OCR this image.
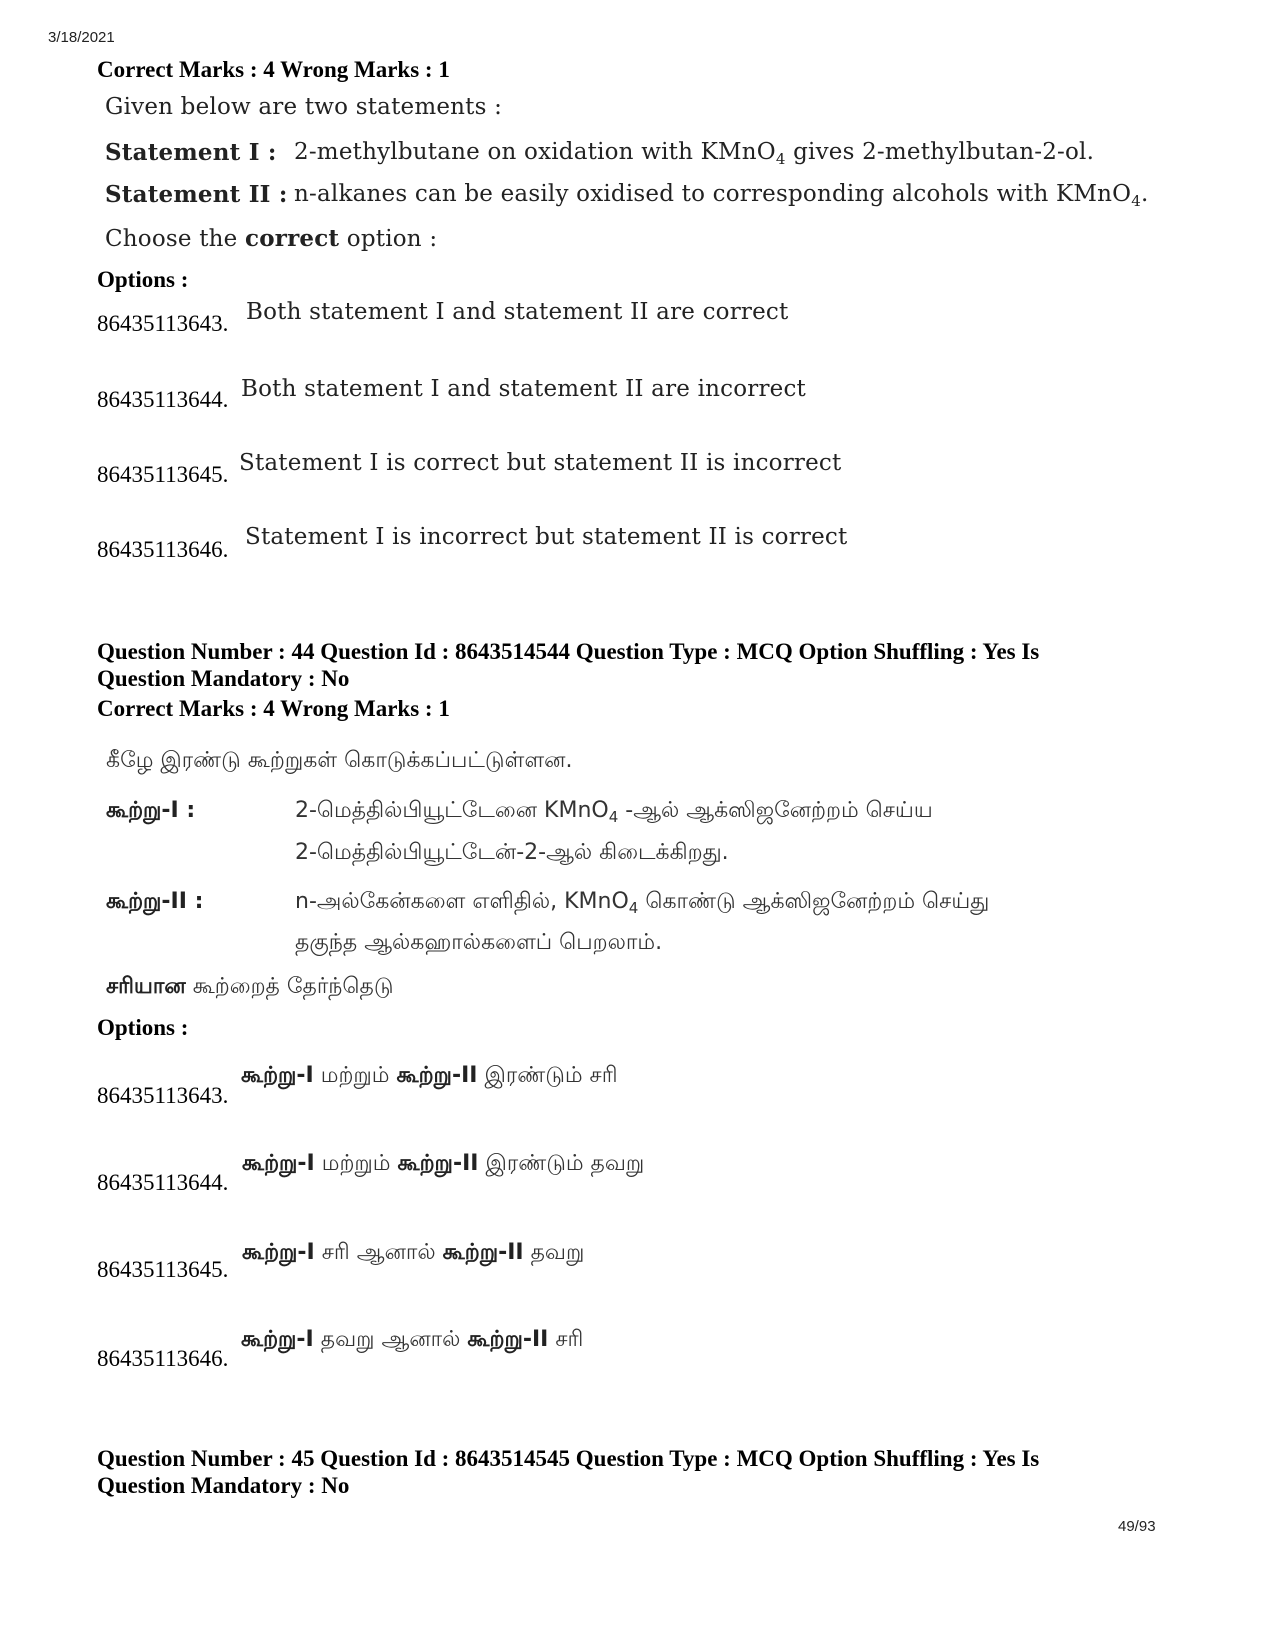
3/18/2021
49/93
Correct Marks : 4 Wrong Marks : 1
Given below are two statements :
Statement I : 2-methylbutane on oxidation with KMnO$_4$ gives 2-methylbutan-2-ol.
Statement II : n-alkanes can be easily oxidised to corresponding alcohols with KMnO$_4$.
Choose the correct option :
Options :
86435113643. Both statement I and statement II are correct
86435113644. Both statement I and statement II are incorrect
86435113645. Statement I is correct but statement II is incorrect
86435113646. Statement I is incorrect but statement II is correct
Question Number : 44 Question Id : 8643514544 Question Type : MCQ Option Shuffling : Yes Is Question Mandatory : No
Correct Marks : 4 Wrong Marks : 1
கீழே இரண்டு கூற்றுகள் கொடுக்கப்பட்டுள்ளன.
கூற்று-I :	2-மெத்தில்பியூட்டேனை KMnO$_4$ -ஆல் ஆக்ஸிஜனேற்றம் செய்ய
2-மெத்தில்பியூட்டேன்-2-ஆல் கிடைக்கிறது.
கூற்று-II :	n-அல்கேன்களை எளிதில், KMnO$_4$ கொண்டு ஆக்ஸிஜனேற்றம் செய்து
தகுந்த ஆல்கஹால்களைப் பெறலாம்.
சரியான கூற்றைத் தேர்ந்தெடு
Options :
86435113643.
கூற்று-I மற்றும் கூற்று-II இரண்டும் சரி
86435113644.
கூற்று-I மற்றும் கூற்று-II இரண்டும் தவறு
86435113645.
கூற்று-I சரி ஆனால் கூற்று-II தவறு
86435113646.
கூற்று-I தவறு ஆனால் கூற்று-II சரி
Question Number : 45 Question Id : 8643514545 Question Type : MCQ Option Shuffling : Yes Is Question Mandatory : No
